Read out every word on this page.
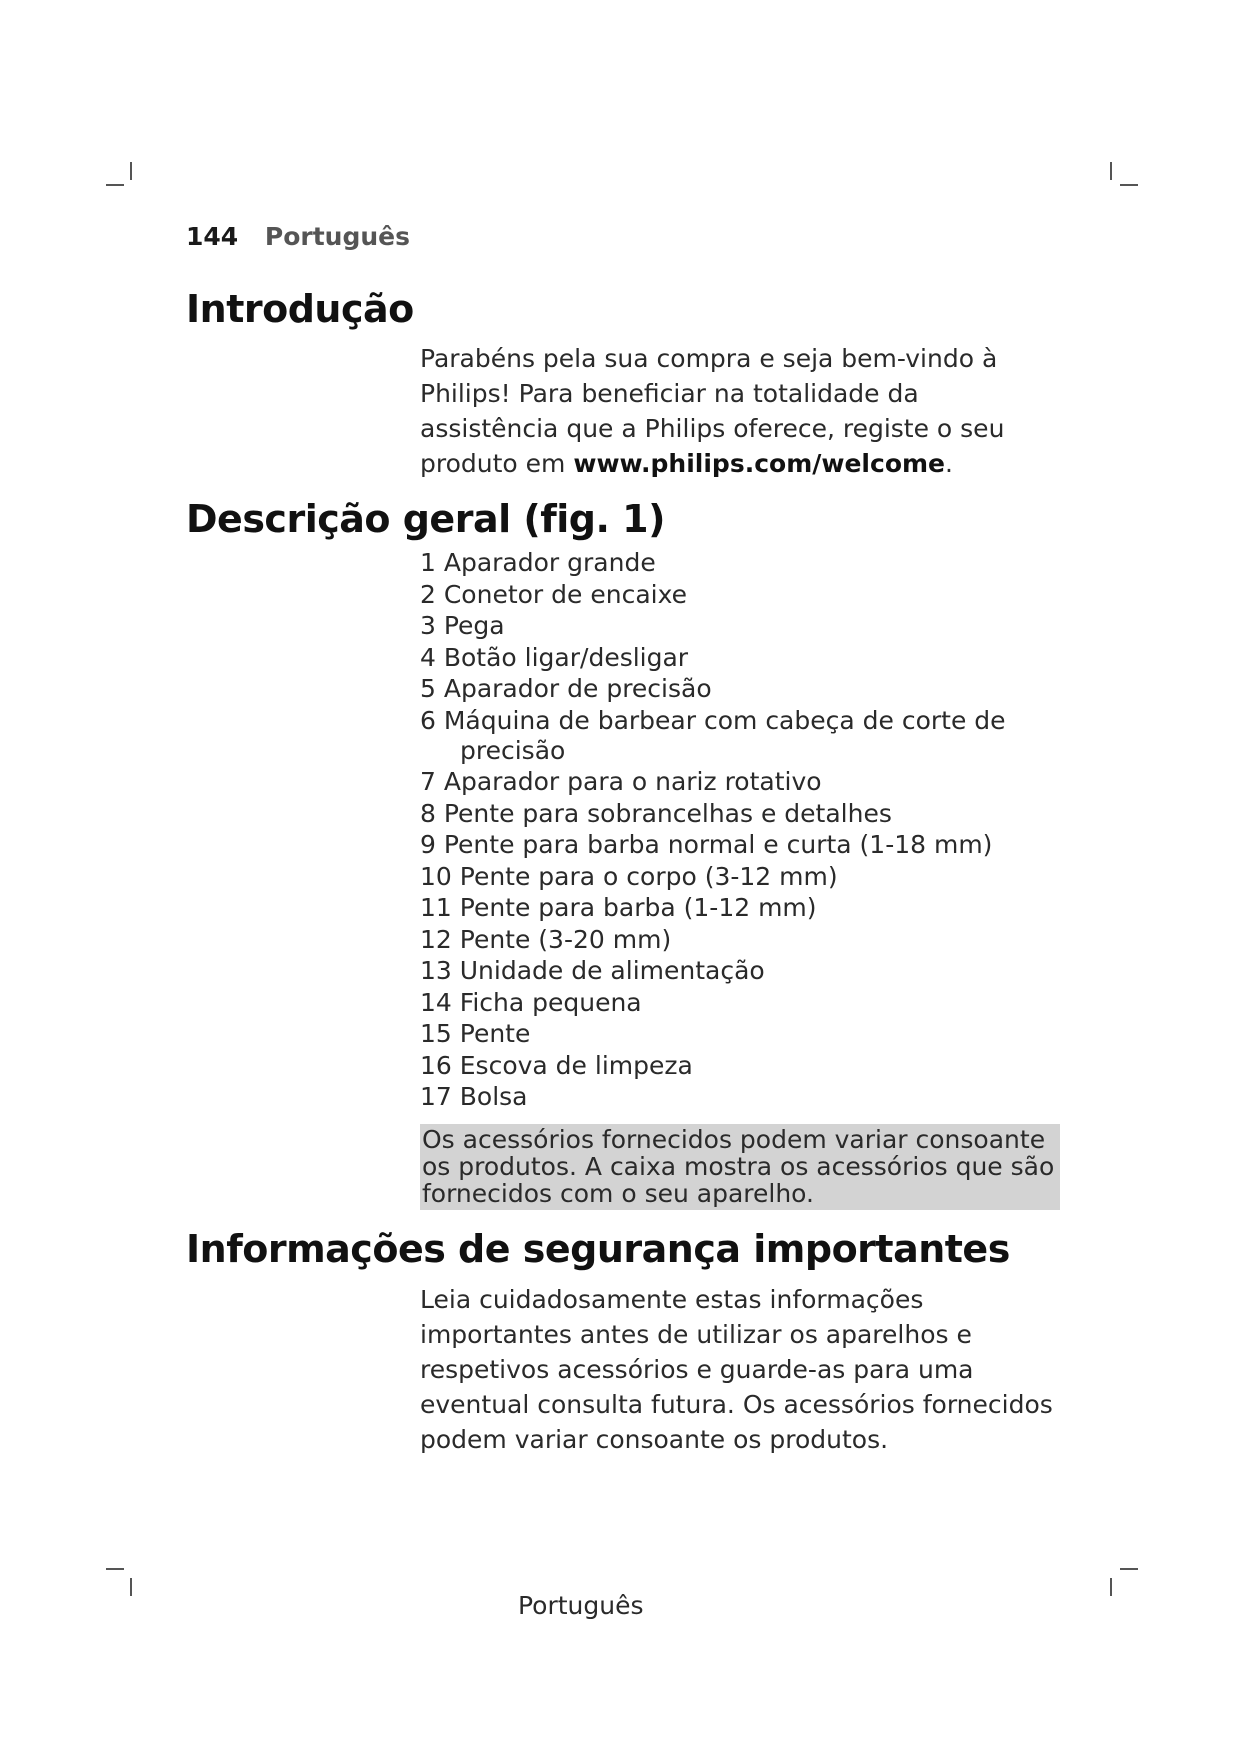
144 Português
Introdução

Parabéns pela sua compra e seja bem-vindo à Philips! Para beneficiar na totalidade da assistência que a Philips oferece, registe o seu produto em www.philips.com/welcome.

Descrição geral (fig. 1)
1 Aparador grande
2 Conetor de encaixe
3 Pega
4 Botão ligar/desligar
5 Aparador de precisão
6 Máquina de barbear com cabeça de corte de precisão
7 Aparador para o nariz rotativo
8 Pente para sobrancelhas e detalhes
9 Pente para barba normal e curta (1-18 mm)
10 Pente para o corpo (3-12 mm)
11 Pente para barba (1-12 mm)
12 Pente (3-20 mm)
13 Unidade de alimentação
14 Ficha pequena
15 Pente
16 Escova de limpeza
17 Bolsa
Os acessórios fornecidos podem variar consoante os produtos. A caixa mostra os acessórios que são fornecidos com o seu aparelho.
Informações de segurança importantes

Leia cuidadosamente estas informações importantes antes de utilizar os aparelhos e respetivos acessórios e guarde-as para uma eventual consulta futura. Os acessórios fornecidos podem variar consoante os produtos.

Português
